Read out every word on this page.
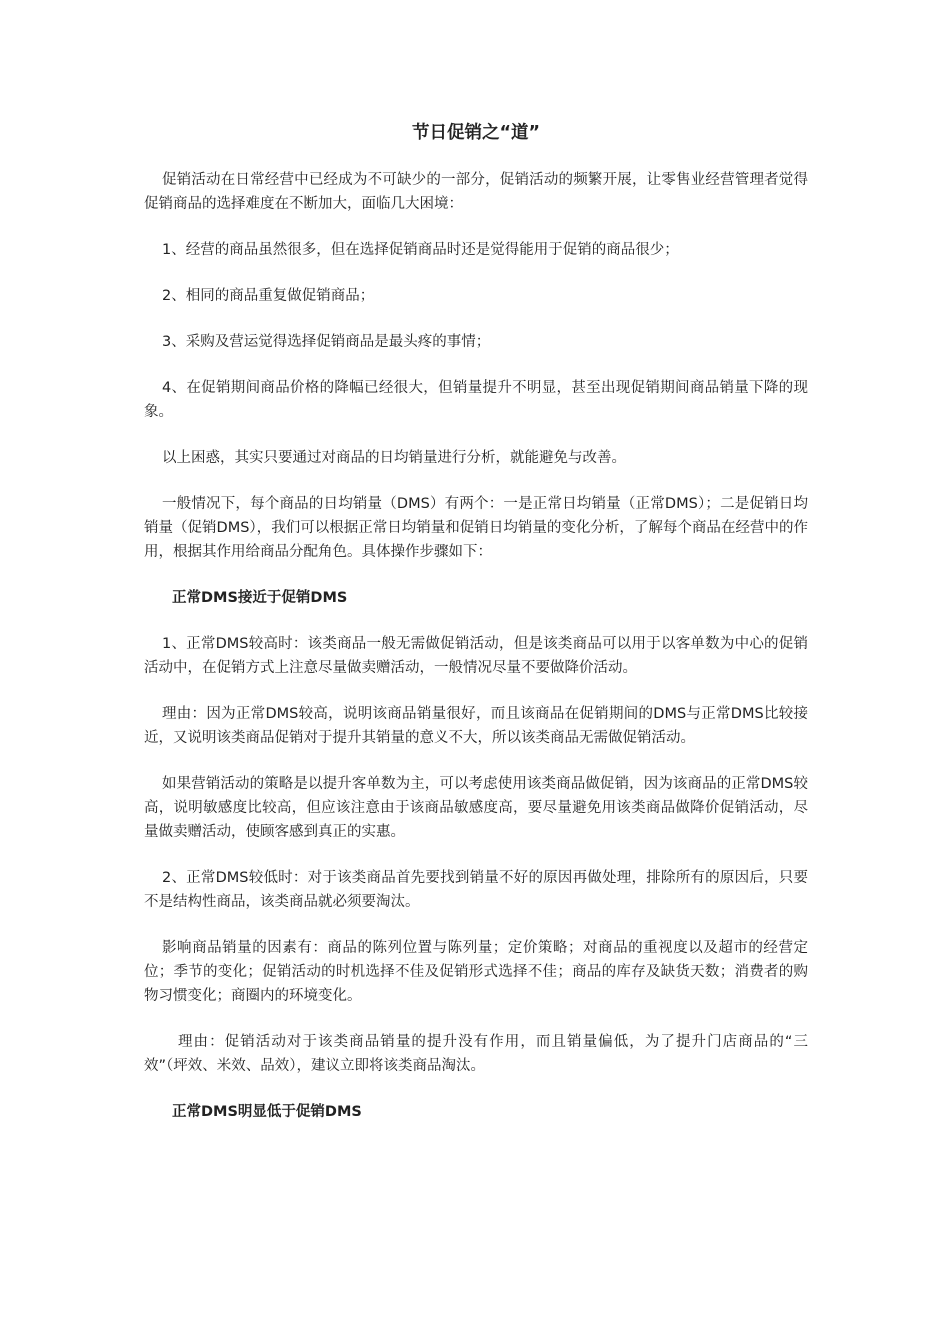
节日促销之“道”

促销活动在日常经营中已经成为不可缺少的一部分，促销活动的频繁开展，让零售业经营管理者觉得促销商品的选择难度在不断加大，面临几大困境：

1、经营的商品虽然很多，但在选择促销商品时还是觉得能用于促销的商品很少；

2、相同的商品重复做促销商品；

3、采购及营运觉得选择促销商品是最头疼的事情；

4、在促销期间商品价格的降幅已经很大，但销量提升不明显，甚至出现促销期间商品销量下降的现象。

以上困惑，其实只要通过对商品的日均销量进行分析，就能避免与改善。

一般情况下，每个商品的日均销量（DMS）有两个：一是正常日均销量（正常DMS）；二是促销日均销量（促销DMS），我们可以根据正常日均销量和促销日均销量的变化分析，了解每个商品在经营中的作用，根据其作用给商品分配角色。具体操作步骤如下：

正常DMS接近于促销DMS

1、正常DMS较高时：该类商品一般无需做促销活动，但是该类商品可以用于以客单数为中心的促销活动中，在促销方式上注意尽量做卖赠活动，一般情况尽量不要做降价活动。

理由：因为正常DMS较高，说明该商品销量很好，而且该商品在促销期间的DMS与正常DMS比较接近，又说明该类商品促销对于提升其销量的意义不大，所以该类商品无需做促销活动。

如果营销活动的策略是以提升客单数为主，可以考虑使用该类商品做促销，因为该商品的正常DMS较高，说明敏感度比较高，但应该注意由于该商品敏感度高，要尽量避免用该类商品做降价促销活动，尽量做卖赠活动，使顾客感到真正的实惠。

2、正常DMS较低时：对于该类商品首先要找到销量不好的原因再做处理，排除所有的原因后，只要不是结构性商品，该类商品就必须要淘汰。

影响商品销量的因素有：商品的陈列位置与陈列量；定价策略；对商品的重视度以及超市的经营定位；季节的变化；促销活动的时机选择不佳及促销形式选择不佳；商品的库存及缺货天数；消费者的购物习惯变化；商圈内的环境变化。

理由：促销活动对于该类商品销量的提升没有作用，而且销量偏低，为了提升门店商品的“三效”（坪效、米效、品效），建议立即将该类商品淘汰。

正常DMS明显低于促销DMS
